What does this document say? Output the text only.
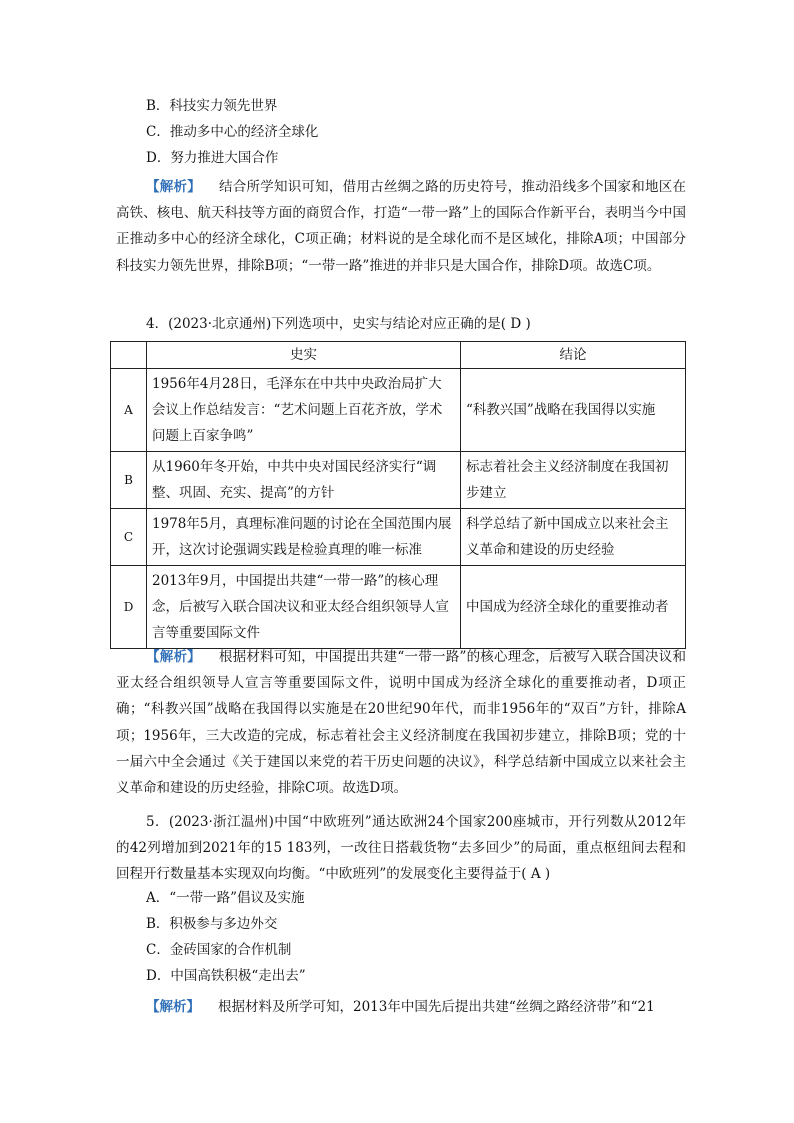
B．科技实力领先世界
C．推动多中心的经济全球化
D．努力推进大国合作

【解析】 结合所学知识可知，借用古丝绸之路的历史符号，推动沿线多个国家和地区在高铁、核电、航天科技等方面的商贸合作，打造“一带一路”上的国际合作新平台，表明当今中国正推动多中心的经济全球化，C项正确；材料说的是全球化而不是区域化，排除A项；中国部分科技实力领先世界，排除B项；“一带一路”推进的并非只是大国合作，排除D项。故选C项。

4．(2023·北京通州)下列选项中，史实与结论对应正确的是( D )
	史实	结论
A	1956年4月28日，毛泽东在中共中央政治局扩大会议上作总结发言：“艺术问题上百花齐放，学术问题上百家争鸣”	“科教兴国”战略在我国得以实施
B	从1960年冬开始，中共中央对国民经济实行“调整、巩固、充实、提高”的方针	标志着社会主义经济制度在我国初步建立
C	1978年5月，真理标准问题的讨论在全国范围内展开，这次讨论强调实践是检验真理的唯一标准	科学总结了新中国成立以来社会主义革命和建设的历史经验
D	2013年9月，中国提出共建“一带一路”的核心理念，后被写入联合国决议和亚太经合组织领导人宣言等重要国际文件	中国成为经济全球化的重要推动者

【解析】 根据材料可知，中国提出共建“一带一路”的核心理念，后被写入联合国决议和亚太经合组织领导人宣言等重要国际文件，说明中国成为经济全球化的重要推动者，D项正确；“科教兴国”战略在我国得以实施是在20世纪90年代，而非1956年的“双百”方针，排除A项；1956年，三大改造的完成，标志着社会主义经济制度在我国初步建立，排除B项；党的十一届六中全会通过《关于建国以来党的若干历史问题的决议》，科学总结新中国成立以来社会主义革命和建设的历史经验，排除C项。故选D项。

5．(2023·浙江温州)中国“中欧班列”通达欧洲24个国家200座城市，开行列数从2012年的42列增加到2021年的15 183列，一改往日搭载货物“去多回少”的局面，重点枢纽间去程和回程开行数量基本实现双向均衡。“中欧班列”的发展变化主要得益于( A )

A．“一带一路”倡议及实施
B．积极参与多边外交
C．金砖国家的合作机制
D．中国高铁积极“走出去”

【解析】 根据材料及所学可知，2013年中国先后提出共建“丝绸之路经济带”和“21
